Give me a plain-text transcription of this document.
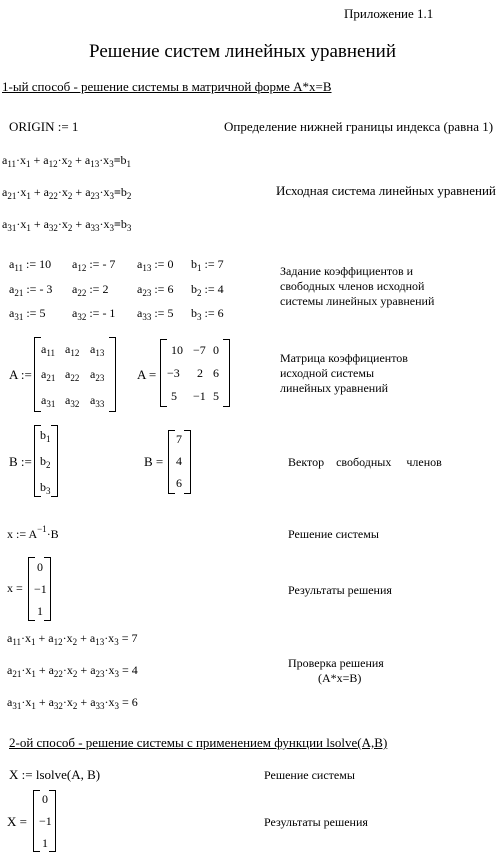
Приложение 1.1
Решение систем линейных уравнений
1-ый способ - решение системы в матричной форме A*x=B
ORIGIN := 1	Определение нижней границы индекса (равна 1)
$a_{11}\cdot x_1 + a_{12}\cdot x_2 + a_{13}\cdot x_3=b_1$
$a_{21}\cdot x_1 + a_{22}\cdot x_2 + a_{23}\cdot x_3=b_2$
$a_{31}\cdot x_1 + a_{32}\cdot x_2 + a_{33}\cdot x_3=b_3$
Исходная система линейных уравнений
$a_{11}$ := 10 $a_{12}$ := - 7 $a_{13}$ := 0 $b_1$ := 7
$a_{21}$ := - 3 $a_{22}$ := 2 $a_{23}$ := 6 $b_2$ := 4
$a_{31}$ := 5 $a_{32}$ := - 1 $a_{33}$ := 5 $b_3$ := 6
Задание коэффициентов и
свободных членов исходной
системы линейных уравнений
A :=
$a_{11}$ $a_{12}$ $a_{13}$
$a_{21}$ $a_{22}$ $a_{23}$
$a_{31}$ $a_{32}$ $a_{33}$
A =
10 −7 0
−3 2 6
5 −1 5
Матрица коэффициентов
исходной системы
линейных уравнений
B :=
$b_1$
$b_2$
$b_3$
B =
7
4
6
Вектор    свободных     членов
x := $A^{-1}\cdot B$	Решение системы
x =
0
−1
1
Результаты решения
$a_{11}\cdot x_1 + a_{12}\cdot x_2 + a_{13}\cdot x_3 = 7$
$a_{21}\cdot x_1 + a_{22}\cdot x_2 + a_{23}\cdot x_3 = 4$
$a_{31}\cdot x_1 + a_{32}\cdot x_2 + a_{33}\cdot x_3 = 6$
Проверка решения
(A*x=B)
2-ой способ - решение системы с применением функции lsolve(A,B)
X := lsolve(A, B)	Решение системы
X =
0
−1
1
Результаты решения
